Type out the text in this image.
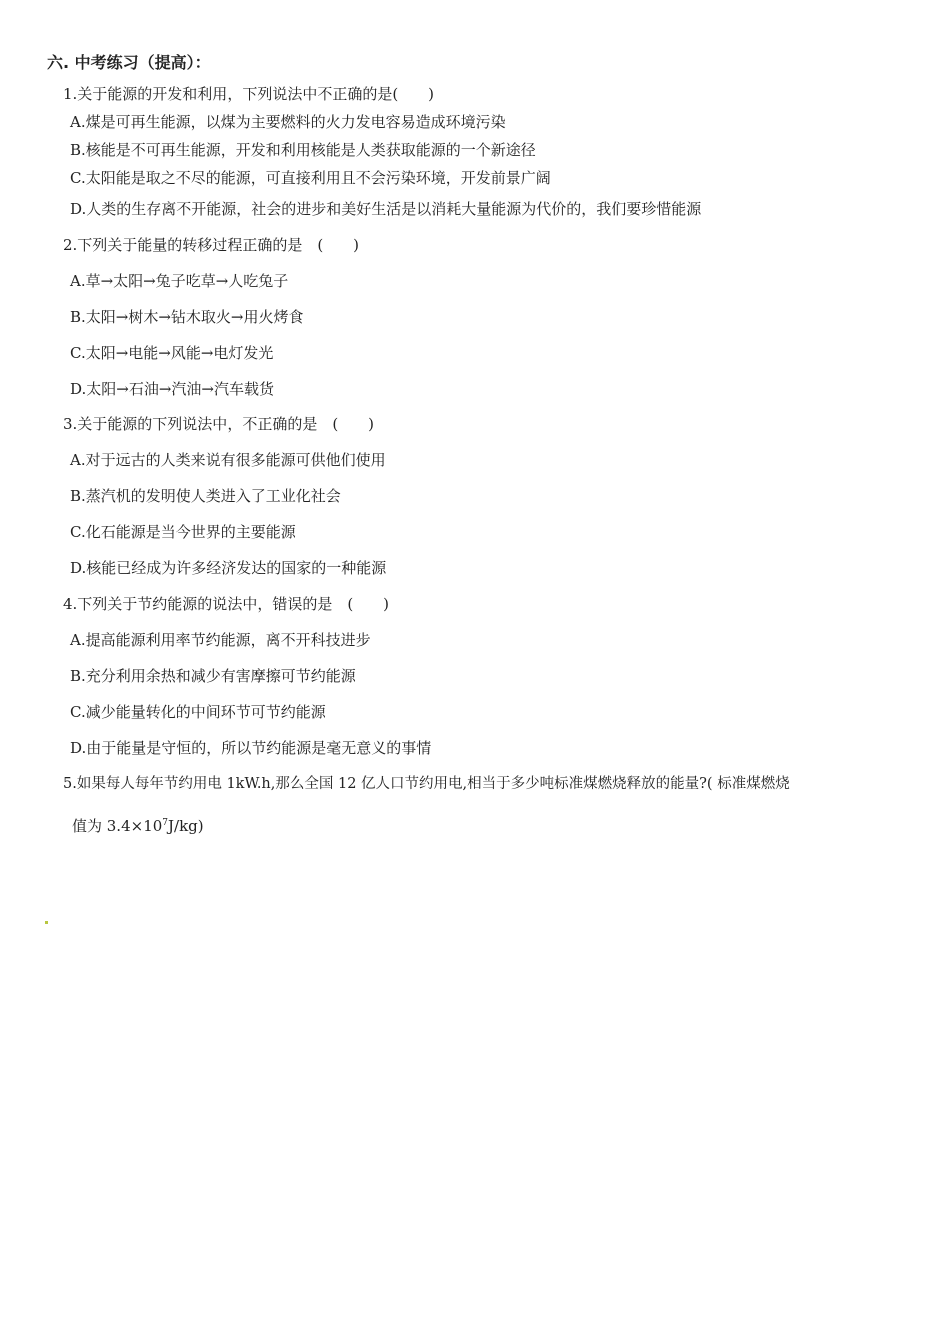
六. 中考练习（提高）：
1.关于能源的开发和利用，下列说法中不正确的是(　　)
A.煤是可再生能源，以煤为主要燃料的火力发电容易造成环境污染
B.核能是不可再生能源，开发和利用核能是人类获取能源的一个新途径
C.太阳能是取之不尽的能源，可直接利用且不会污染环境，开发前景广阔
D.人类的生存离不开能源，社会的进步和美好生活是以消耗大量能源为代价的，我们要珍惜能源
2.下列关于能量的转移过程正确的是　(　　)
A.草→太阳→兔子吃草→人吃兔子
B.太阳→树木→钻木取火→用火烤食
C.太阳→电能→风能→电灯发光
D.太阳→石油→汽油→汽车载货
3.关于能源的下列说法中，不正确的是　(　　)
A.对于远古的人类来说有很多能源可供他们使用
B.蒸汽机的发明使人类进入了工业化社会
C.化石能源是当今世界的主要能源
D.核能已经成为许多经济发达的国家的一种能源
4.下列关于节约能源的说法中，错误的是　(　　)
A.提高能源利用率节约能源，离不开科技进步
B.充分利用余热和减少有害摩擦可节约能源
C.减少能量转化的中间环节可节约能源
D.由于能量是守恒的，所以节约能源是毫无意义的事情
5.如果每人每年节约用电 1kW.h,那么全国 12 亿人口节约用电,相当于多少吨标准煤燃烧释放的能量?( 标准煤燃烧
值为 $3.4\times 10^7J/kg$)
